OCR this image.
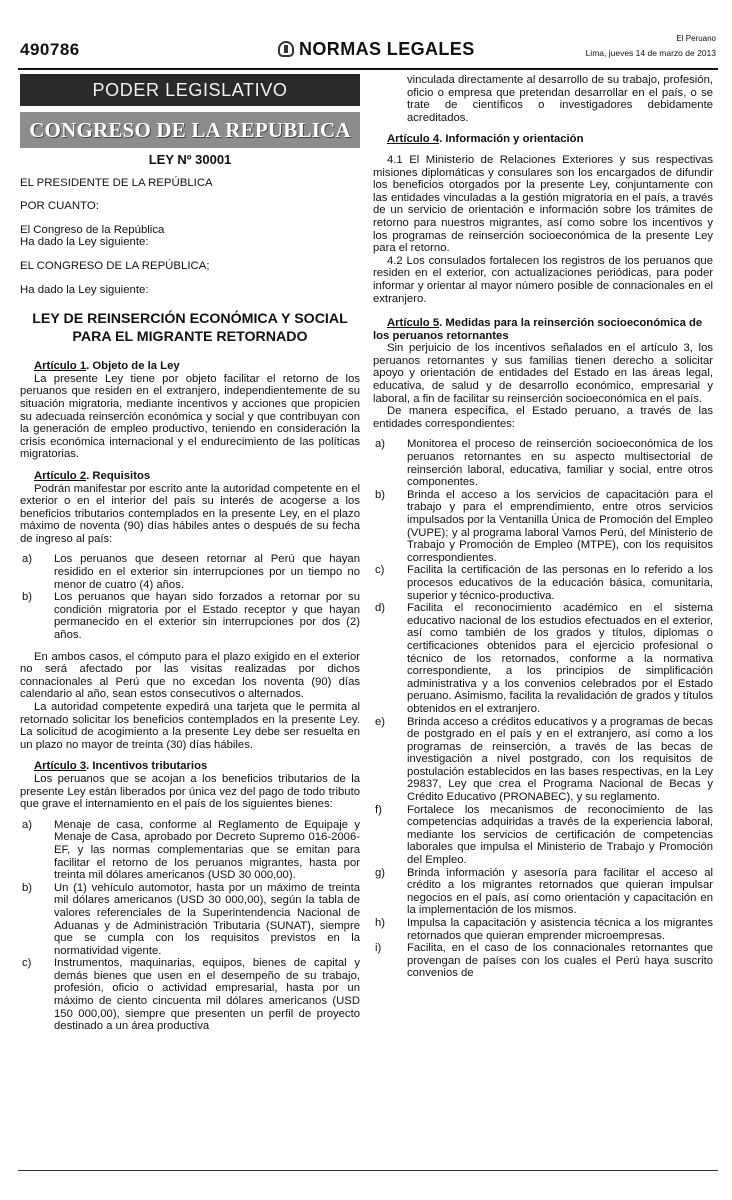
490786	NORMAS LEGALES
El Peruano
Lima, jueves 14 de marzo de 2013
PODER LEGISLATIVO
CONGRESO DE LA REPUBLICA
LEY Nº 30001

EL PRESIDENTE DE LA REPÚBLICA

POR CUANTO:

El Congreso de la República
Ha dado la Ley siguiente:

EL CONGRESO DE LA REPÚBLICA;

Ha dado la Ley siguiente:

LEY DE REINSERCIÓN ECONÓMICA Y SOCIAL PARA EL MIGRANTE RETORNADO

Artículo 1. Objeto de la Ley

La presente Ley tiene por objeto facilitar el retorno de los peruanos que residen en el extranjero, independientemente de su situación migratoria, mediante incentivos y acciones que propicien su adecuada reinserción económica y social y que contribuyan con la generación de empleo productivo, teniendo en consideración la crisis económica internacional y el endurecimiento de las políticas migratorias.

Artículo 2. Requisitos

Podrán manifestar por escrito ante la autoridad competente en el exterior o en el interior del país su interés de acogerse a los beneficios tributarios contemplados en la presente Ley, en el plazo máximo de noventa (90) días hábiles antes o después de su fecha de ingreso al país:

a)	Los peruanos que deseen retornar al Perú que hayan residido en el exterior sin interrupciones por un tiempo no menor de cuatro (4) años.
b)	Los peruanos que hayan sido forzados a retornar por su condición migratoria por el Estado receptor y que hayan permanecido en el exterior sin interrupciones por dos (2) años.

En ambos casos, el cómputo para el plazo exigido en el exterior no será afectado por las visitas realizadas por dichos connacionales al Perú que no excedan los noventa (90) días calendario al año, sean estos consecutivos o alternados.

La autoridad competente expedirá una tarjeta que le permita al retornado solicitar los beneficios contemplados en la presente Ley. La solicitud de acogimiento a la presente Ley debe ser resuelta en un plazo no mayor de treinta (30) días hábiles.

Artículo 3. Incentivos tributarios

Los peruanos que se acojan a los beneficios tributarios de la presente Ley están liberados por única vez del pago de todo tributo que grave el internamiento en el país de los siguientes bienes:

a)	Menaje de casa, conforme al Reglamento de Equipaje y Menaje de Casa, aprobado por Decreto Supremo 016-2006-EF, y las normas complementarias que se emitan para facilitar el retorno de los peruanos migrantes, hasta por treinta mil dólares americanos (USD 30 000,00).
b)	Un (1) vehículo automotor, hasta por un máximo de treinta mil dólares americanos (USD 30 000,00), según la tabla de valores referenciales de la Superintendencia Nacional de Aduanas y de Administración Tributaria (SUNAT), siempre que se cumpla con los requisitos previstos en la normatividad vigente.
c)	Instrumentos, maquinarias, equipos, bienes de capital y demás bienes que usen en el desempeño de su trabajo, profesión, oficio o actividad empresarial, hasta por un máximo de ciento cincuenta mil dólares americanos (USD 150 000,00), siempre que presenten un perfil de proyecto destinado a un área productiva
vinculada directamente al desarrollo de su trabajo, profesión, oficio o empresa que pretendan desarrollar en el país, o se trate de científicos o investigadores debidamente acreditados.

Artículo 4. Información y orientación

4.1 El Ministerio de Relaciones Exteriores y sus respectivas misiones diplomáticas y consulares son los encargados de difundir los beneficios otorgados por la presente Ley, conjuntamente con las entidades vinculadas a la gestión migratoria en el país, a través de un servicio de orientación e información sobre los trámites de retorno para nuestros migrantes, así como sobre los incentivos y los programas de reinserción socioeconómica de la presente Ley para el retorno.

4.2 Los consulados fortalecen los registros de los peruanos que residen en el exterior, con actualizaciones periódicas, para poder informar y orientar al mayor número posible de connacionales en el extranjero.

Artículo 5. Medidas para la reinserción socioeconómica de los peruanos retornantes

Sin perjuicio de los incentivos señalados en el artículo 3, los peruanos retornantes y sus familias tienen derecho a solicitar apoyo y orientación de entidades del Estado en las áreas legal, educativa, de salud y de desarrollo económico, empresarial y laboral, a fin de facilitar su reinserción socioeconómica en el país.

De manera específica, el Estado peruano, a través de las entidades correspondientes:

a)	Monitorea el proceso de reinserción socioeconómica de los peruanos retornantes en su aspecto multisectorial de reinserción laboral, educativa, familiar y social, entre otros componentes.
b)	Brinda el acceso a los servicios de capacitación para el trabajo y para el emprendimiento, entre otros servicios impulsados por la Ventanilla Única de Promoción del Empleo (VUPE); y al programa laboral Vamos Perú, del Ministerio de Trabajo y Promoción de Empleo (MTPE), con los requisitos correspondientes.
c)	Facilita la certificación de las personas en lo referido a los procesos educativos de la educación básica, comunitaria, superior y técnico-productiva.
d)	Facilita el reconocimiento académico en el sistema educativo nacional de los estudios efectuados en el exterior, así como también de los grados y títulos, diplomas o certificaciones obtenidos para el ejercicio profesional o técnico de los retornados, conforme a la normativa correspondiente, a los principios de simplificación administrativa y a los convenios celebrados por el Estado peruano. Asimismo, facilita la revalidación de grados y títulos obtenidos en el extranjero.
e)	Brinda acceso a créditos educativos y a programas de becas de postgrado en el país y en el extranjero, así como a los programas de reinserción, a través de las becas de investigación a nivel postgrado, con los requisitos de postulación establecidos en las bases respectivas, en la Ley 29837, Ley que crea el Programa Nacional de Becas y Crédito Educativo (PRONABEC), y su reglamento.
f)	Fortalece los mecanismos de reconocimiento de las competencias adquiridas a través de la experiencia laboral, mediante los servicios de certificación de competencias laborales que impulsa el Ministerio de Trabajo y Promoción del Empleo.
g)	Brinda información y asesoría para facilitar el acceso al crédito a los migrantes retornados que quieran impulsar negocios en el país, así como orientación y capacitación en la implementación de los mismos.
h)	Impulsa la capacitación y asistencia técnica a los migrantes retornados que quieran emprender microempresas.
i)	Facilita, en el caso de los connacionales retornantes que provengan de países con los cuales el Perú haya suscrito convenios de
